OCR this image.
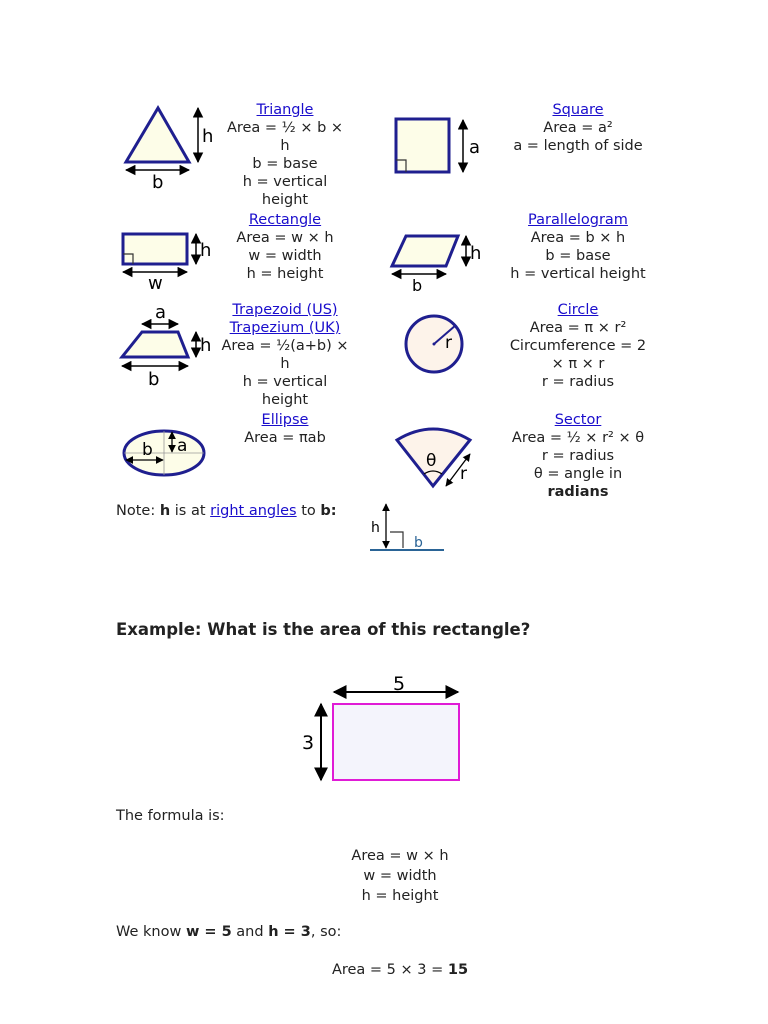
h
b
Triangle
Area = ½ × b ×
h
b = base
h = vertical
height
a
Square
Area = a²
a = length of side
h
w
Rectangle
Area = w × h
w = width
h = height
h
b
Parallelogram
Area = b × h
b = base
h = vertical height
a
h
b
Trapezoid (US)
Trapezium (UK)
Area = ½(a+b) ×
h
h = vertical
height
r
Circle
Area = π × r²
Circumference = 2
× π × r
r = radius
b a
Ellipse
Area = πab
θ
r
Sector
Area = ½ × r² × θ
r = radius
θ = angle in
radians
Note: h is at right angles to b:
h
b
Example: What is the area of this rectangle?
5
3
The formula is:
Area = w × h
w = width
h = height
We know w = 5 and h = 3, so:
Area = 5 × 3 = 15
